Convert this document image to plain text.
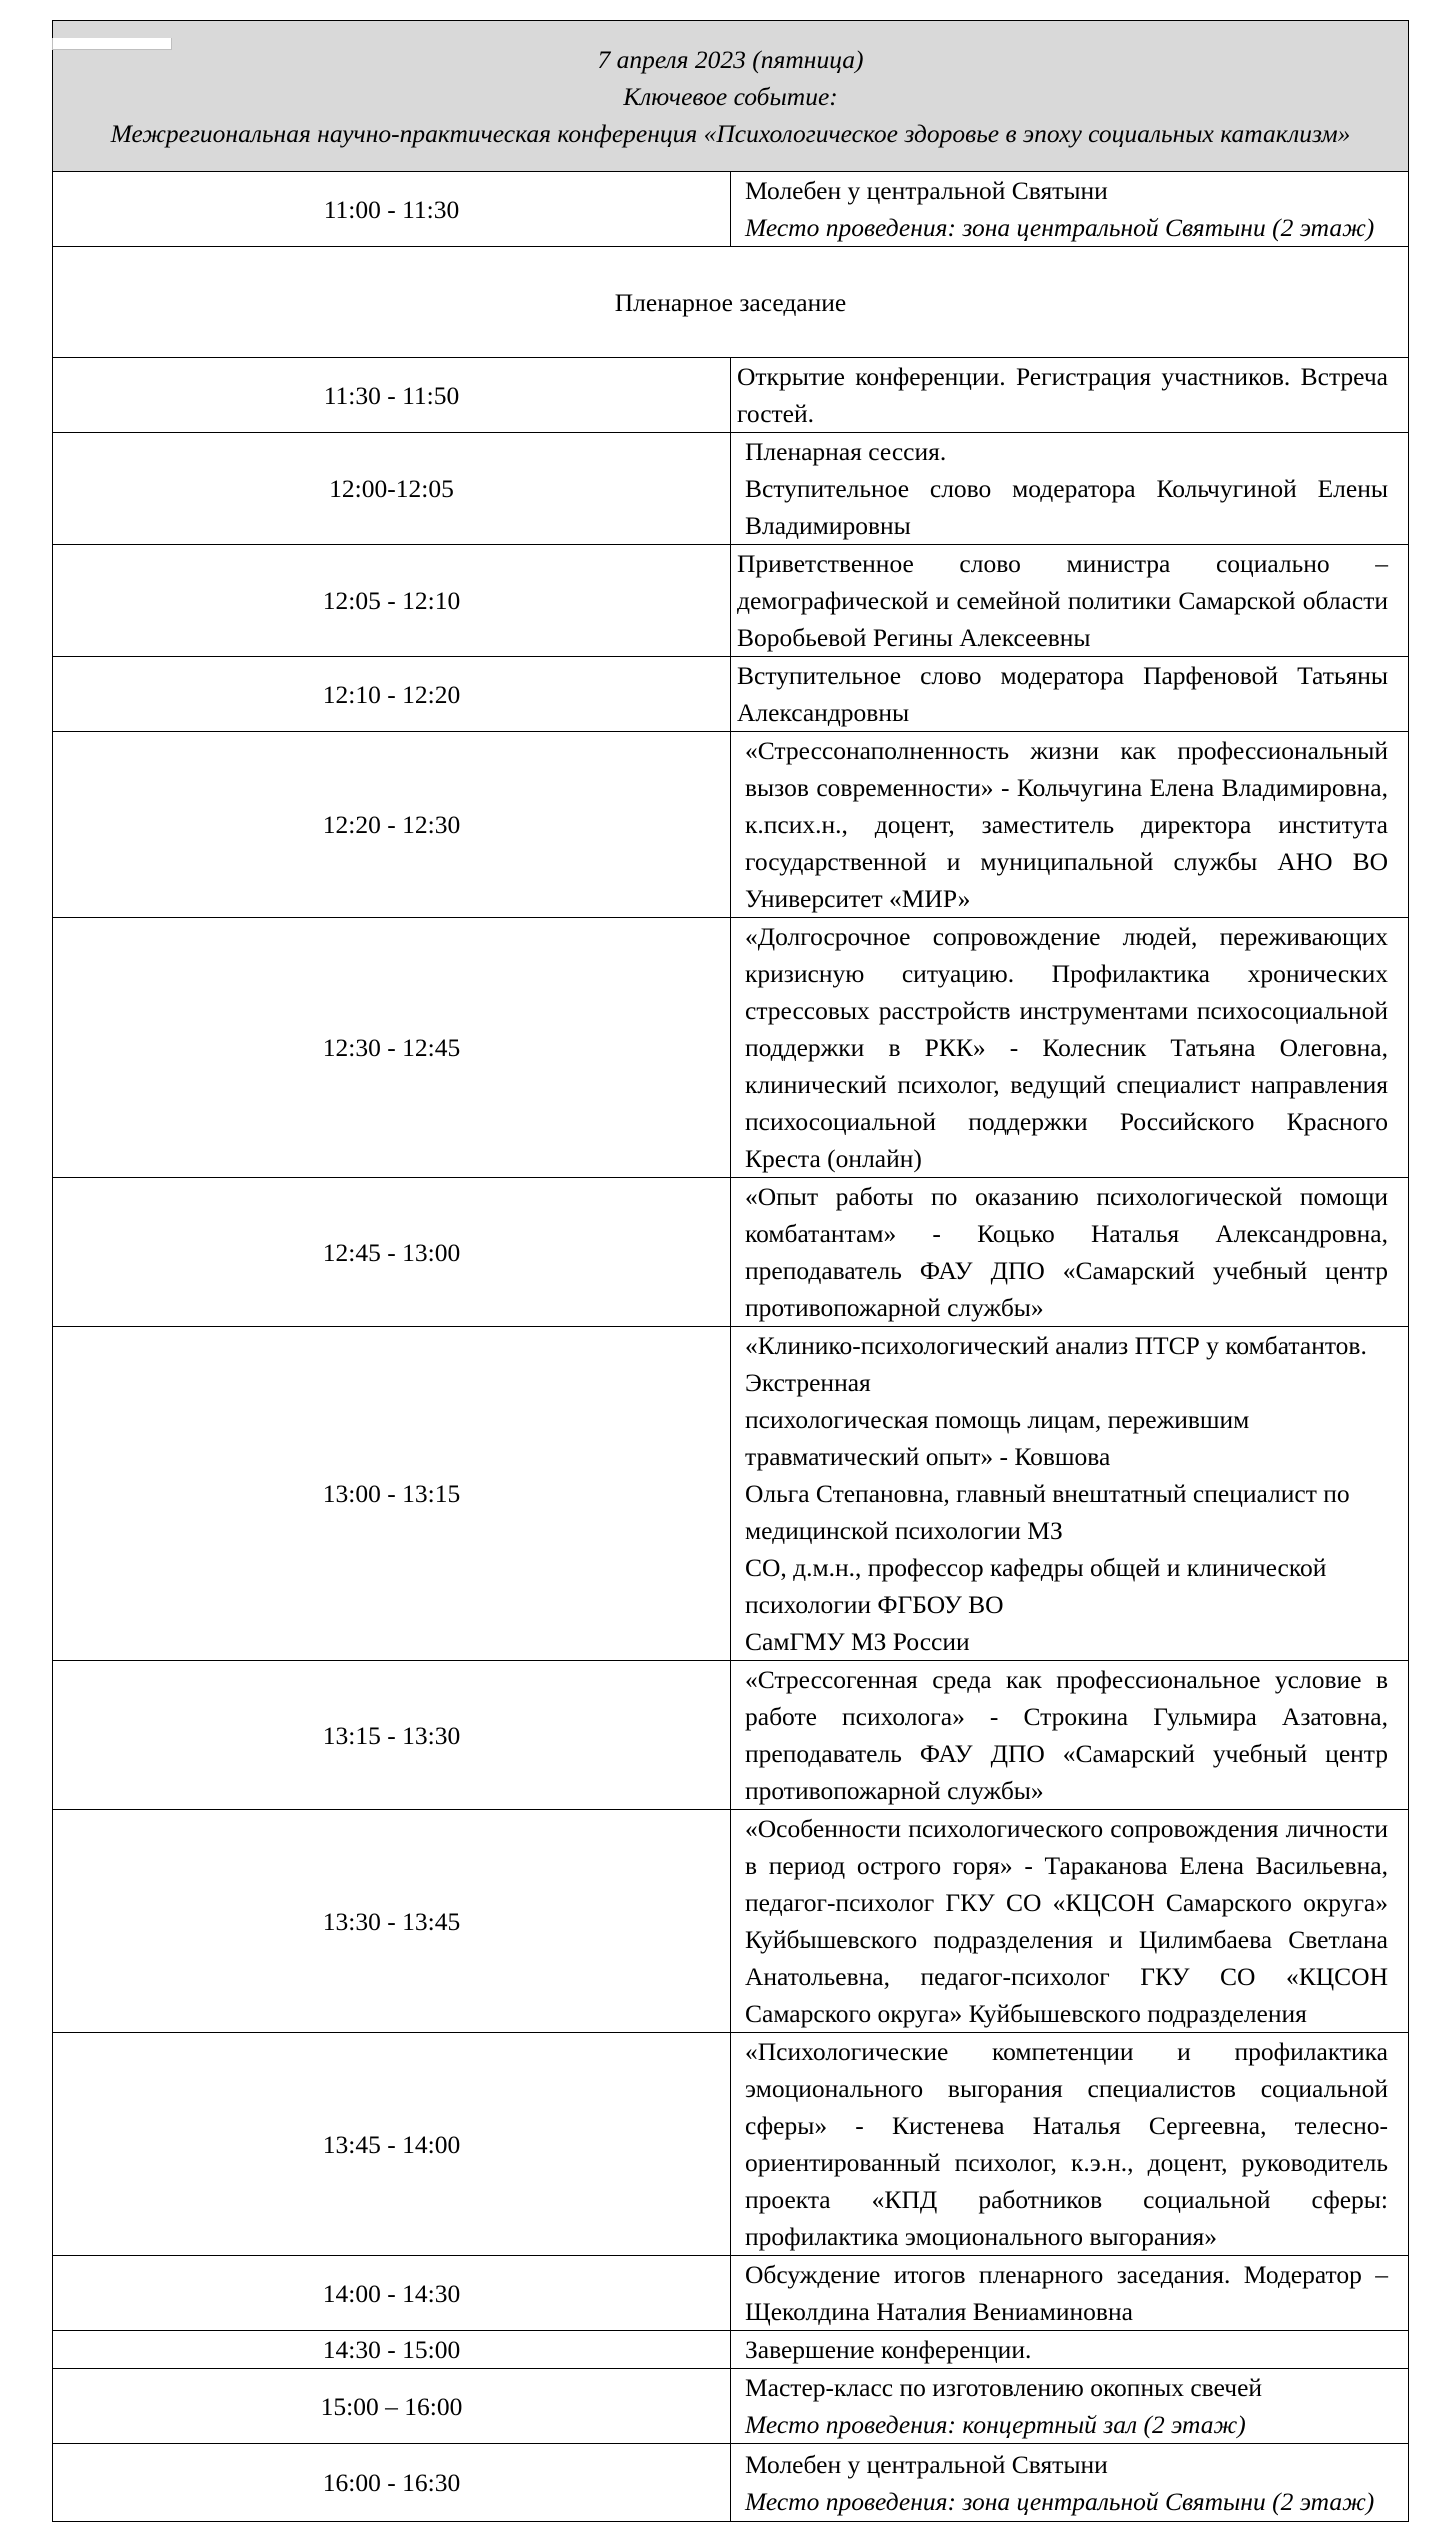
7 апреля 2023 (пятница)
Ключевое событие:
Межрегиональная научно-практическая конференция «Психологическое здоровье в эпоху социальных катаклизм»	

11:00 - 11:30	Молебен у центральной Святыни
Место проведения: зона центральной Святыни (2 этаж)

Пленарное заседание	
11:30 - 11:50	Открытие конференции. Регистрация участников. Встреча гостей.
12:00-12:05	Пленарная сессия.
Вступительное слово модератора Кольчугиной Елены Владимировны

12:05 - 12:10	Приветственное слово министра социально – демографической и семейной политики Самарской области Воробьевой Регины Алексеевны
12:10 - 12:20	Вступительное слово модератора Парфеновой Татьяны Александровны
12:20 - 12:30	«Стрессонаполненность жизни как профессиональный вызов современности» - Кольчугина Елена Владимировна, к.псих.н., доцент, заместитель директора института государственной и муниципальной службы АНО ВО Университет «МИР»
12:30 - 12:45	«Долгосрочное сопровождение людей, переживающих кризисную ситуацию. Профилактика хронических стрессовых расстройств инструментами психосоциальной поддержки в РКК» - Колесник Татьяна Олеговна, клинический психолог, ведущий специалист направления психосоциальной поддержки Российского Красного Креста (онлайн)
12:45 - 13:00	«Опыт работы по оказанию психологической помощи комбатантам» - Коцько Наталья Александровна, преподаватель ФАУ ДПО «Самарский учебный центр противопожарной службы»
13:00 - 13:15	«Клинико-психологический анализ ПТСР у комбатантов. Экстренная
психологическая помощь лицам, пережившим травматический опыт» - Ковшова
Ольга Степановна, главный внештатный специалист по медицинской психологии МЗ
СО, д.м.н., профессор кафедры общей и клинической психологии ФГБОУ ВО
СамГМУ МЗ России

13:15 - 13:30	«Стрессогенная среда как профессиональное условие в работе психолога» - Строкина Гульмира Азатовна, преподаватель ФАУ ДПО «Самарский учебный центр противопожарной службы»
13:30 - 13:45	«Особенности психологического сопровождения личности в период острого горя» - Тараканова Елена Васильевна, педагог-психолог ГКУ СО «КЦСОН Самарского округа» Куйбышевского подразделения и Цилимбаева Светлана Анатольевна, педагог-психолог ГКУ СО «КЦСОН Самарского округа» Куйбышевского подразделения
13:45 - 14:00	«Психологические компетенции и профилактика эмоционального выгорания специалистов социальной сферы» - Кистенева Наталья Сергеевна, телесно-ориентированный психолог, к.э.н., доцент, руководитель проекта «КПД работников социальной сферы: профилактика эмоционального выгорания»
14:00 - 14:30	Обсуждение итогов пленарного заседания. Модератор – Щеколдина Наталия Вениаминовна
14:30 - 15:00	Завершение конференции.
15:00 – 16:00	Мастер-класс по изготовлению окопных свечей
Место проведения: концертный зал (2 этаж)

16:00 - 16:30	Молебен у центральной Святыни
Место проведения: зона центральной Святыни (2 этаж)
